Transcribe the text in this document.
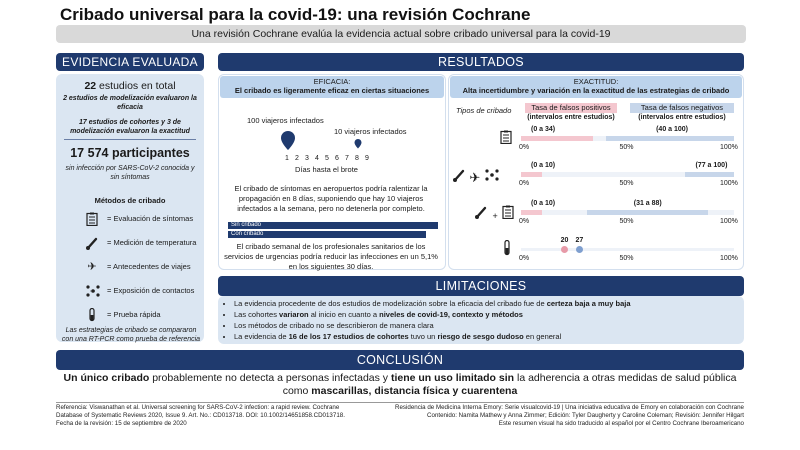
Cribado universal para la covid-19: una revisión Cochrane
Una revisión Cochrane evalúa la evidencia actual sobre cribado universal para la covid-19
EVIDENCIA EVALUADA
22 estudios en total
2 estudios de modelización evaluaron la eficacia
17 estudios de cohortes y 3 de modelización evaluaron la exactitud
17 574 participantes
sin infección por SARS-CoV-2 conocida y sin síntomas
Métodos de cribado
= Evaluación de síntomas
= Medición de temperatura
✈	= Antecedentes de viajes
= Exposición de contactos
= Prueba rápida
Las estrategias de cribado se compararon con una RT-PCR como prueba de referencia
RESULTADOS
EFICACIA:
El cribado es ligeramente eficaz en ciertas situaciones
100 viajeros infectados
10 viajeros infectados
1 2 3 4 5 6 7 8 9
Días hasta el brote
El cribado de síntomas en aeropuertos podría ralentizar la propagación en 8 días, suponiendo que hay 10 viajeros infectados a la semana, pero no detenerla por completo.
Sin cribado
Con cribado
El cribado semanal de los profesionales sanitarios de los servicios de urgencias podría reducir las infecciones en un 5,1% en los siguientes 30 días.
EXACTITUD:
Alta incertidumbre y variación en la exactitud de las estrategias de cribado
Tipos de cribado	Tasa de falsos positivos
(intervalos entre estudios)
Tasa de falsos negativos
(intervalos entre estudios)
(0 a 34)	(40 a 100)
0%	50%	100%
(0 a 10)	(77 a 100)
0%	50%	100%
(0 a 10)	(31 a 88)
0%	50%	100%
20 27
0%	50%	100%
✈
+
LIMITACIONES
• La evidencia procedente de dos estudios de modelización sobre la eficacia del cribado fue de certeza baja a muy baja
• Las cohortes variaron al inicio en cuanto a niveles de covid-19, contexto y métodos
• Los métodos de cribado no se describieron de manera clara
• La evidencia de 16 de los 17 estudios de cohortes tuvo un riesgo de sesgo dudoso en general
CONCLUSIÓN
Un único cribado probablemente no detecta a personas infectadas y tiene un uso limitado sin la adherencia a otras medidas de salud pública como mascarillas, distancia física y cuarentena
Referencia: Viswanathan et al. Universal screening for SARS-CoV-2 infection: a rapid review. Cochrane Database of Systematic Reviews 2020, Issue 9. Art. No.: CD013718. DOI: 10.1002/14651858.CD013718.
Fecha de la revisión: 15 de septiembre de 2020
Residencia de Medicina Interna Emory: Serie visualcovid-19 | Una iniciativa educativa de Emory en colaboración con Cochrane
Contenido: Namita Mathew y Anna Zimmer; Edición: Tyler Daugherty y Caroline Coleman; Revisión: Jennifer Hilgart
Este resumen visual ha sido traducido al español por el Centro Cochrane Iberoamericano
